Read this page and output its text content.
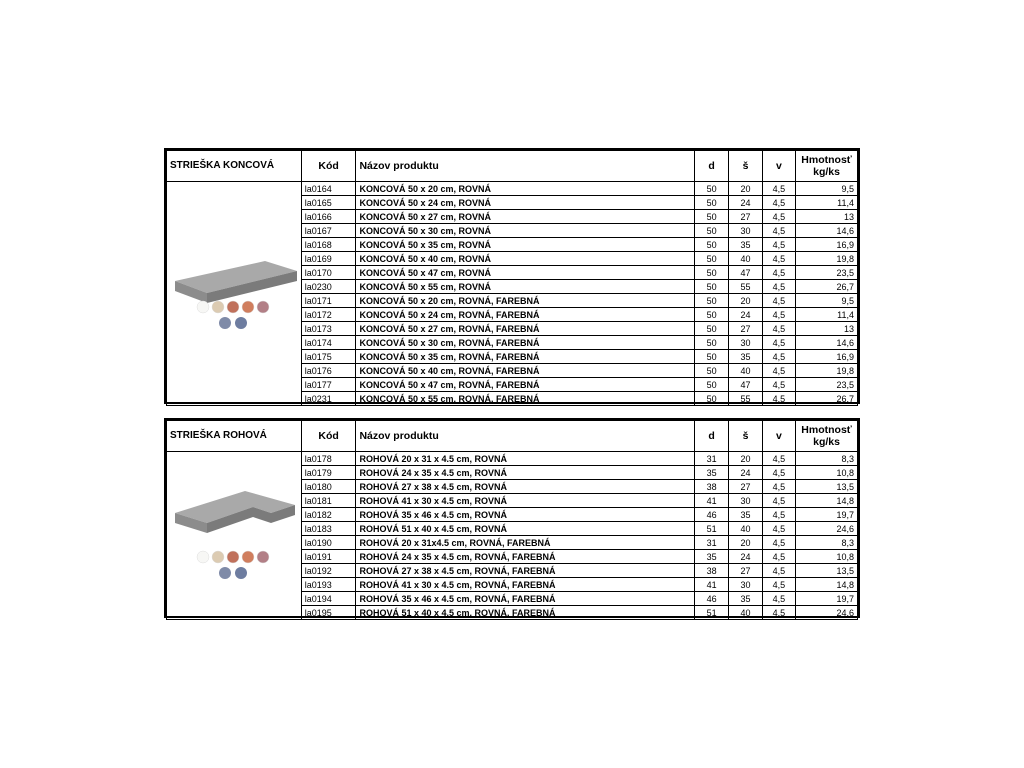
STRIEŠKA KONCOVÁ	Kód	Názov produktu	d	š	v	Hmotnosť
kg/ks

	la0164	KONCOVÁ 50 x 20 cm, ROVNÁ	50	20	4,5	9,5
	la0165	KONCOVÁ 50 x 24 cm, ROVNÁ	50	24	4,5	11,4
	la0166	KONCOVÁ 50 x 27 cm, ROVNÁ	50	27	4,5	13
	la0167	KONCOVÁ 50 x 30 cm, ROVNÁ	50	30	4,5	14,6
	la0168	KONCOVÁ 50 x 35 cm, ROVNÁ	50	35	4,5	16,9
	la0169	KONCOVÁ 50 x 40 cm, ROVNÁ	50	40	4,5	19,8
	la0170	KONCOVÁ 50 x 47 cm, ROVNÁ	50	47	4,5	23,5
	la0230	KONCOVÁ 50 x 55 cm, ROVNÁ	50	55	4,5	26,7
	la0171	KONCOVÁ 50 x 20 cm, ROVNÁ, FAREBNÁ	50	20	4,5	9,5
	la0172	KONCOVÁ 50 x 24 cm, ROVNÁ, FAREBNÁ	50	24	4,5	11,4
	la0173	KONCOVÁ 50 x 27 cm, ROVNÁ, FAREBNÁ	50	27	4,5	13
	la0174	KONCOVÁ 50 x 30 cm, ROVNÁ, FAREBNÁ	50	30	4,5	14,6
	la0175	KONCOVÁ 50 x 35 cm, ROVNÁ, FAREBNÁ	50	35	4,5	16,9
	la0176	KONCOVÁ 50 x 40 cm, ROVNÁ, FAREBNÁ	50	40	4,5	19,8
	la0177	KONCOVÁ 50 x 47 cm, ROVNÁ, FAREBNÁ	50	47	4,5	23,5
	la0231	KONCOVÁ 50 x 55 cm, ROVNÁ, FAREBNÁ	50	55	4,5	26,7
STRIEŠKA ROHOVÁ	Kód	Názov produktu	d	š	v	Hmotnosť
kg/ks

	la0178	ROHOVÁ 20 x 31 x 4.5 cm, ROVNÁ	31	20	4,5	8,3
	la0179	ROHOVÁ 24 x 35 x 4.5 cm, ROVNÁ	35	24	4,5	10,8
	la0180	ROHOVÁ 27 x 38 x 4.5 cm, ROVNÁ	38	27	4,5	13,5
	la0181	ROHOVÁ 41 x 30 x 4.5 cm, ROVNÁ	41	30	4,5	14,8
	la0182	ROHOVÁ 35 x 46 x 4.5 cm, ROVNÁ	46	35	4,5	19,7
	la0183	ROHOVÁ 51 x 40 x 4.5 cm, ROVNÁ	51	40	4,5	24,6
	la0190	ROHOVÁ 20 x 31x4.5 cm, ROVNÁ, FAREBNÁ	31	20	4,5	8,3
	la0191	ROHOVÁ 24 x 35 x 4.5 cm, ROVNÁ, FAREBNÁ	35	24	4,5	10,8
	la0192	ROHOVÁ 27 x 38 x 4.5 cm, ROVNÁ, FAREBNÁ	38	27	4,5	13,5
	la0193	ROHOVÁ 41 x 30 x 4.5 cm, ROVNÁ, FAREBNÁ	41	30	4,5	14,8
	la0194	ROHOVÁ 35 x 46 x 4.5 cm, ROVNÁ, FAREBNÁ	46	35	4,5	19,7
	la0195	ROHOVÁ 51 x 40 x 4.5 cm, ROVNÁ, FAREBNÁ	51	40	4,5	24,6
